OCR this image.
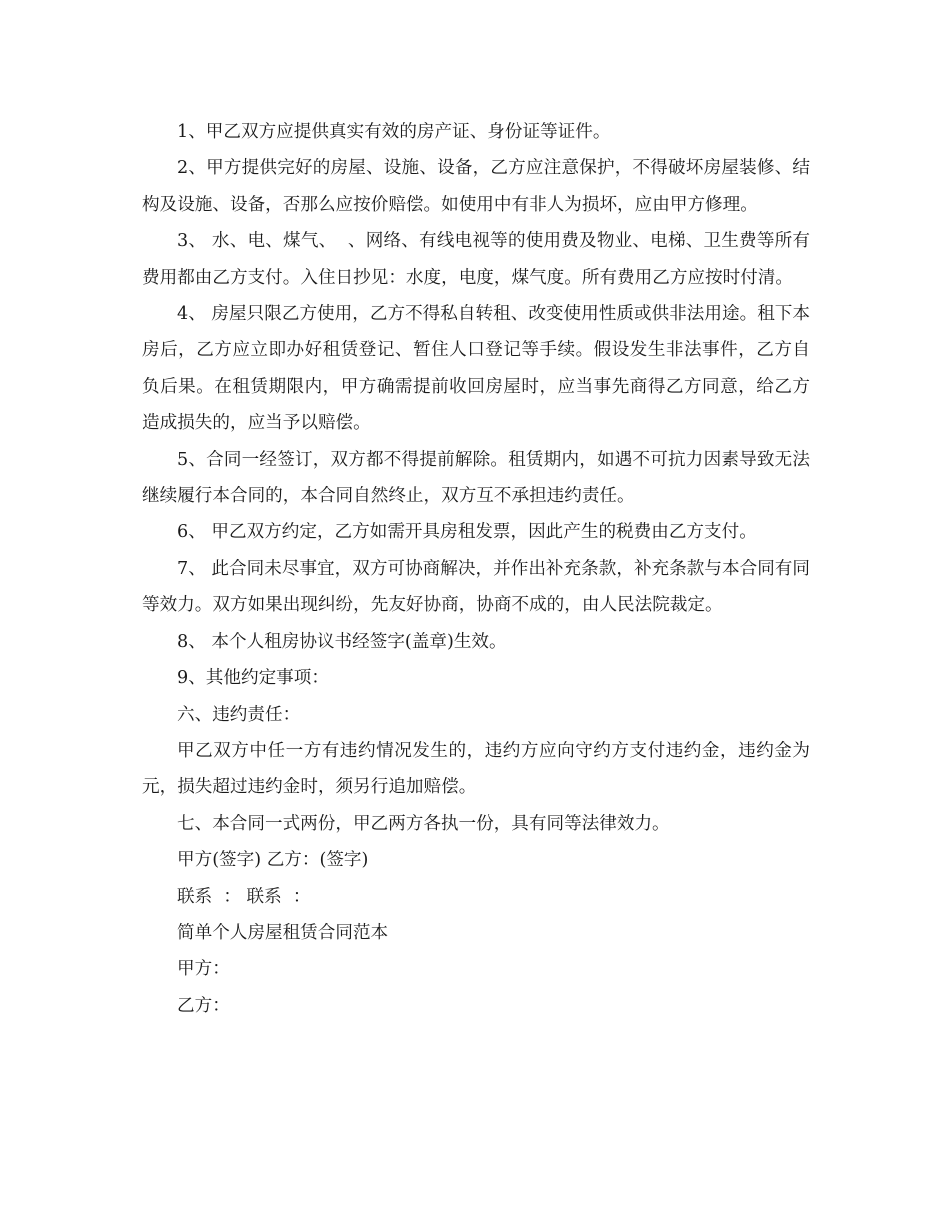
1、甲乙双方应提供真实有效的房产证、身份证等证件。

2、甲方提供完好的房屋、设施、设备，乙方应注意保护，不得破坏房屋装修、结构及设施、设备，否那么应按价赔偿。如使用中有非人为损坏，应由甲方修理。

3、 水、电、煤气、  、网络、有线电视等的使用费及物业、电梯、卫生费等所有费用都由乙方支付。入住日抄见：水度，电度，煤气度。所有费用乙方应按时付清。

4、 房屋只限乙方使用，乙方不得私自转租、改变使用性质或供非法用途。租下本房后，乙方应立即办好租赁登记、暂住人口登记等手续。假设发生非法事件，乙方自负后果。在租赁期限内，甲方确需提前收回房屋时，应当事先商得乙方同意，给乙方造成损失的，应当予以赔偿。

5、合同一经签订，双方都不得提前解除。租赁期内，如遇不可抗力因素导致无法继续履行本合同的，本合同自然终止，双方互不承担违约责任。

6、 甲乙双方约定，乙方如需开具房租发票，因此产生的税费由乙方支付。

7、 此合同未尽事宜，双方可协商解决，并作出补充条款，补充条款与本合同有同等效力。双方如果出现纠纷，先友好协商，协商不成的，由人民法院裁定。

8、 本个人租房协议书经签字(盖章)生效。

9、其他约定事项：

六、违约责任：

甲乙双方中任一方有违约情况发生的，违约方应向守约方支付违约金，违约金为元，损失超过违约金时，须另行追加赔偿。

七、本合同一式两份，甲乙两方各执一份，具有同等法律效力。

甲方(签字) 乙方：(签字)

联系  ： 联系  ：

简单个人房屋租赁合同范本

甲方：

乙方：
